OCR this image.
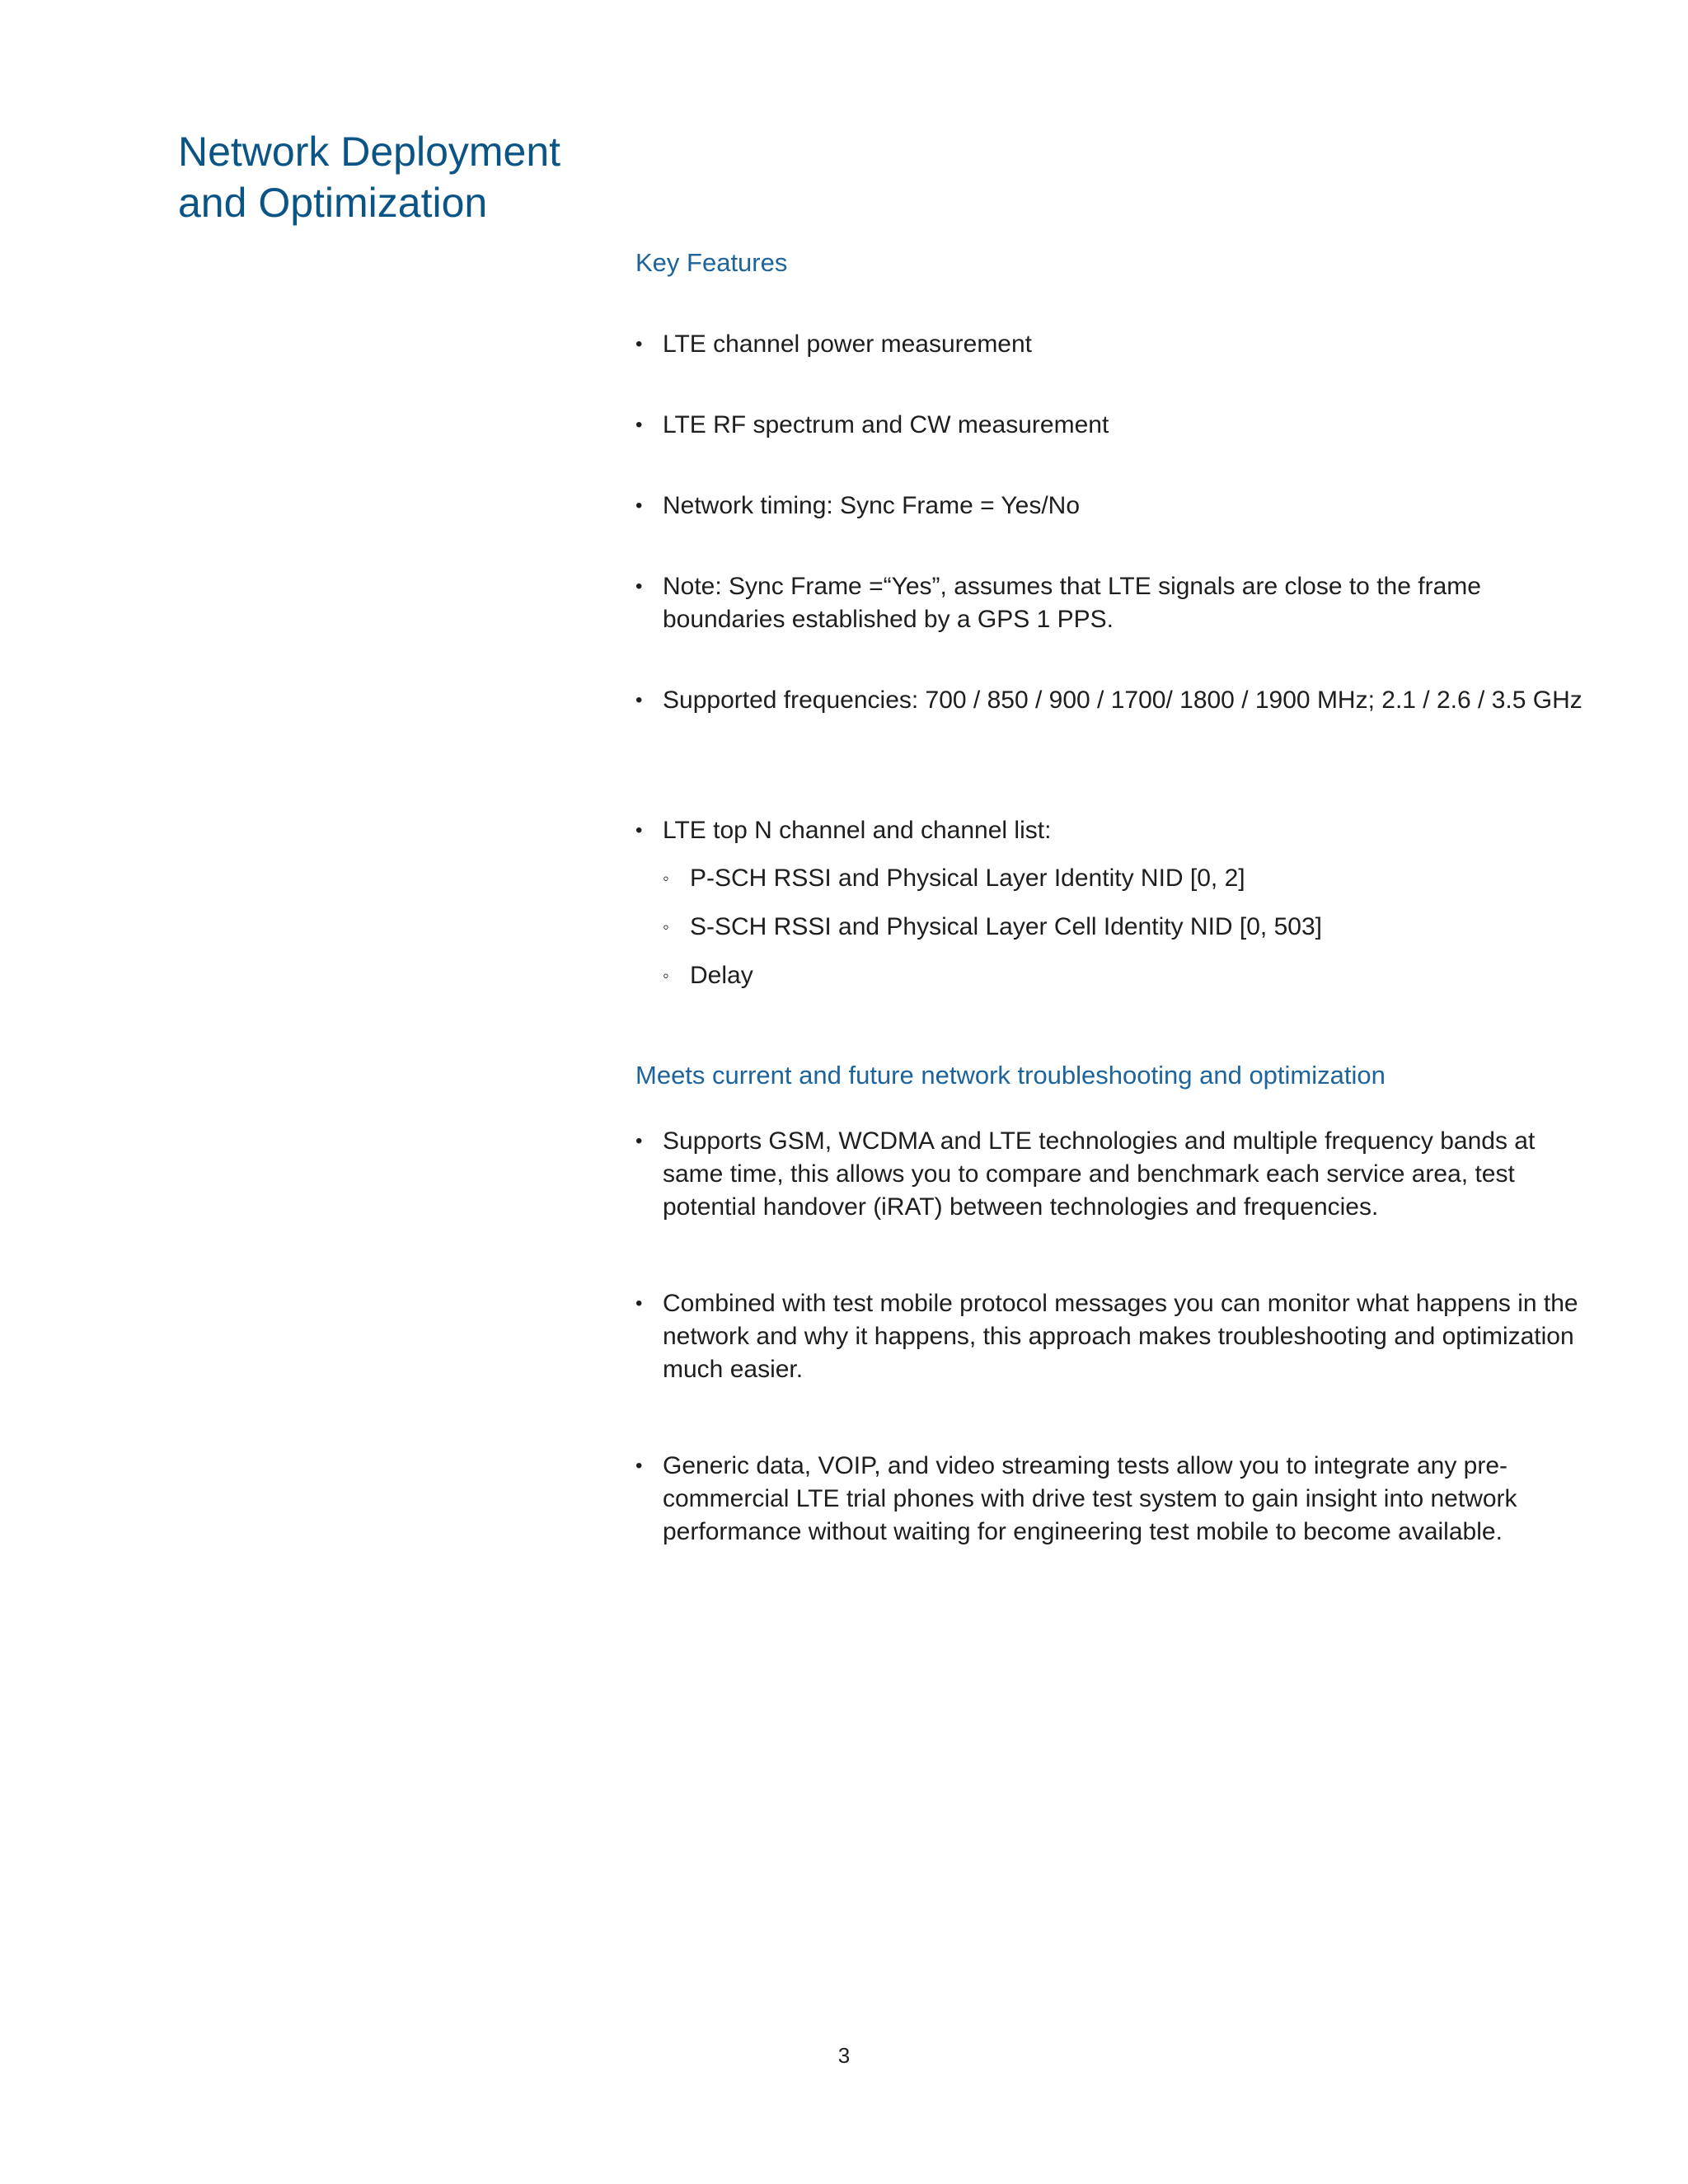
Network Deployment
and Optimization
Key Features
• LTE channel power measurement
• LTE RF spectrum and CW measurement
• Network timing: Sync Frame = Yes/No
• Note: Sync Frame =“Yes”, assumes that LTE signals are close to the frame boundaries established by a GPS 1 PPS.
• Supported frequencies: 700 / 850 / 900 / 1700/ 1800 / 1900 MHz; 2.1 / 2.6 / 3.5 GHz
• LTE top N channel and channel list:
◦ P-SCH RSSI and Physical Layer Identity NID [0, 2]
◦ S-SCH RSSI and Physical Layer Cell Identity NID [0, 503]
◦ Delay
Meets current and future network troubleshooting and optimization
• Supports GSM, WCDMA and LTE technologies and multiple frequency bands at same time, this allows you to compare and benchmark each service area, test potential handover (iRAT) between technologies and frequencies.
• Combined with test mobile protocol messages you can monitor what happens in the network and why it happens, this approach makes troubleshooting and optimization much easier.
• Generic data, VOIP, and video streaming tests allow you to integrate any pre-commercial LTE trial phones with drive test system to gain insight into network performance without waiting for engineering test mobile to become available.
3
